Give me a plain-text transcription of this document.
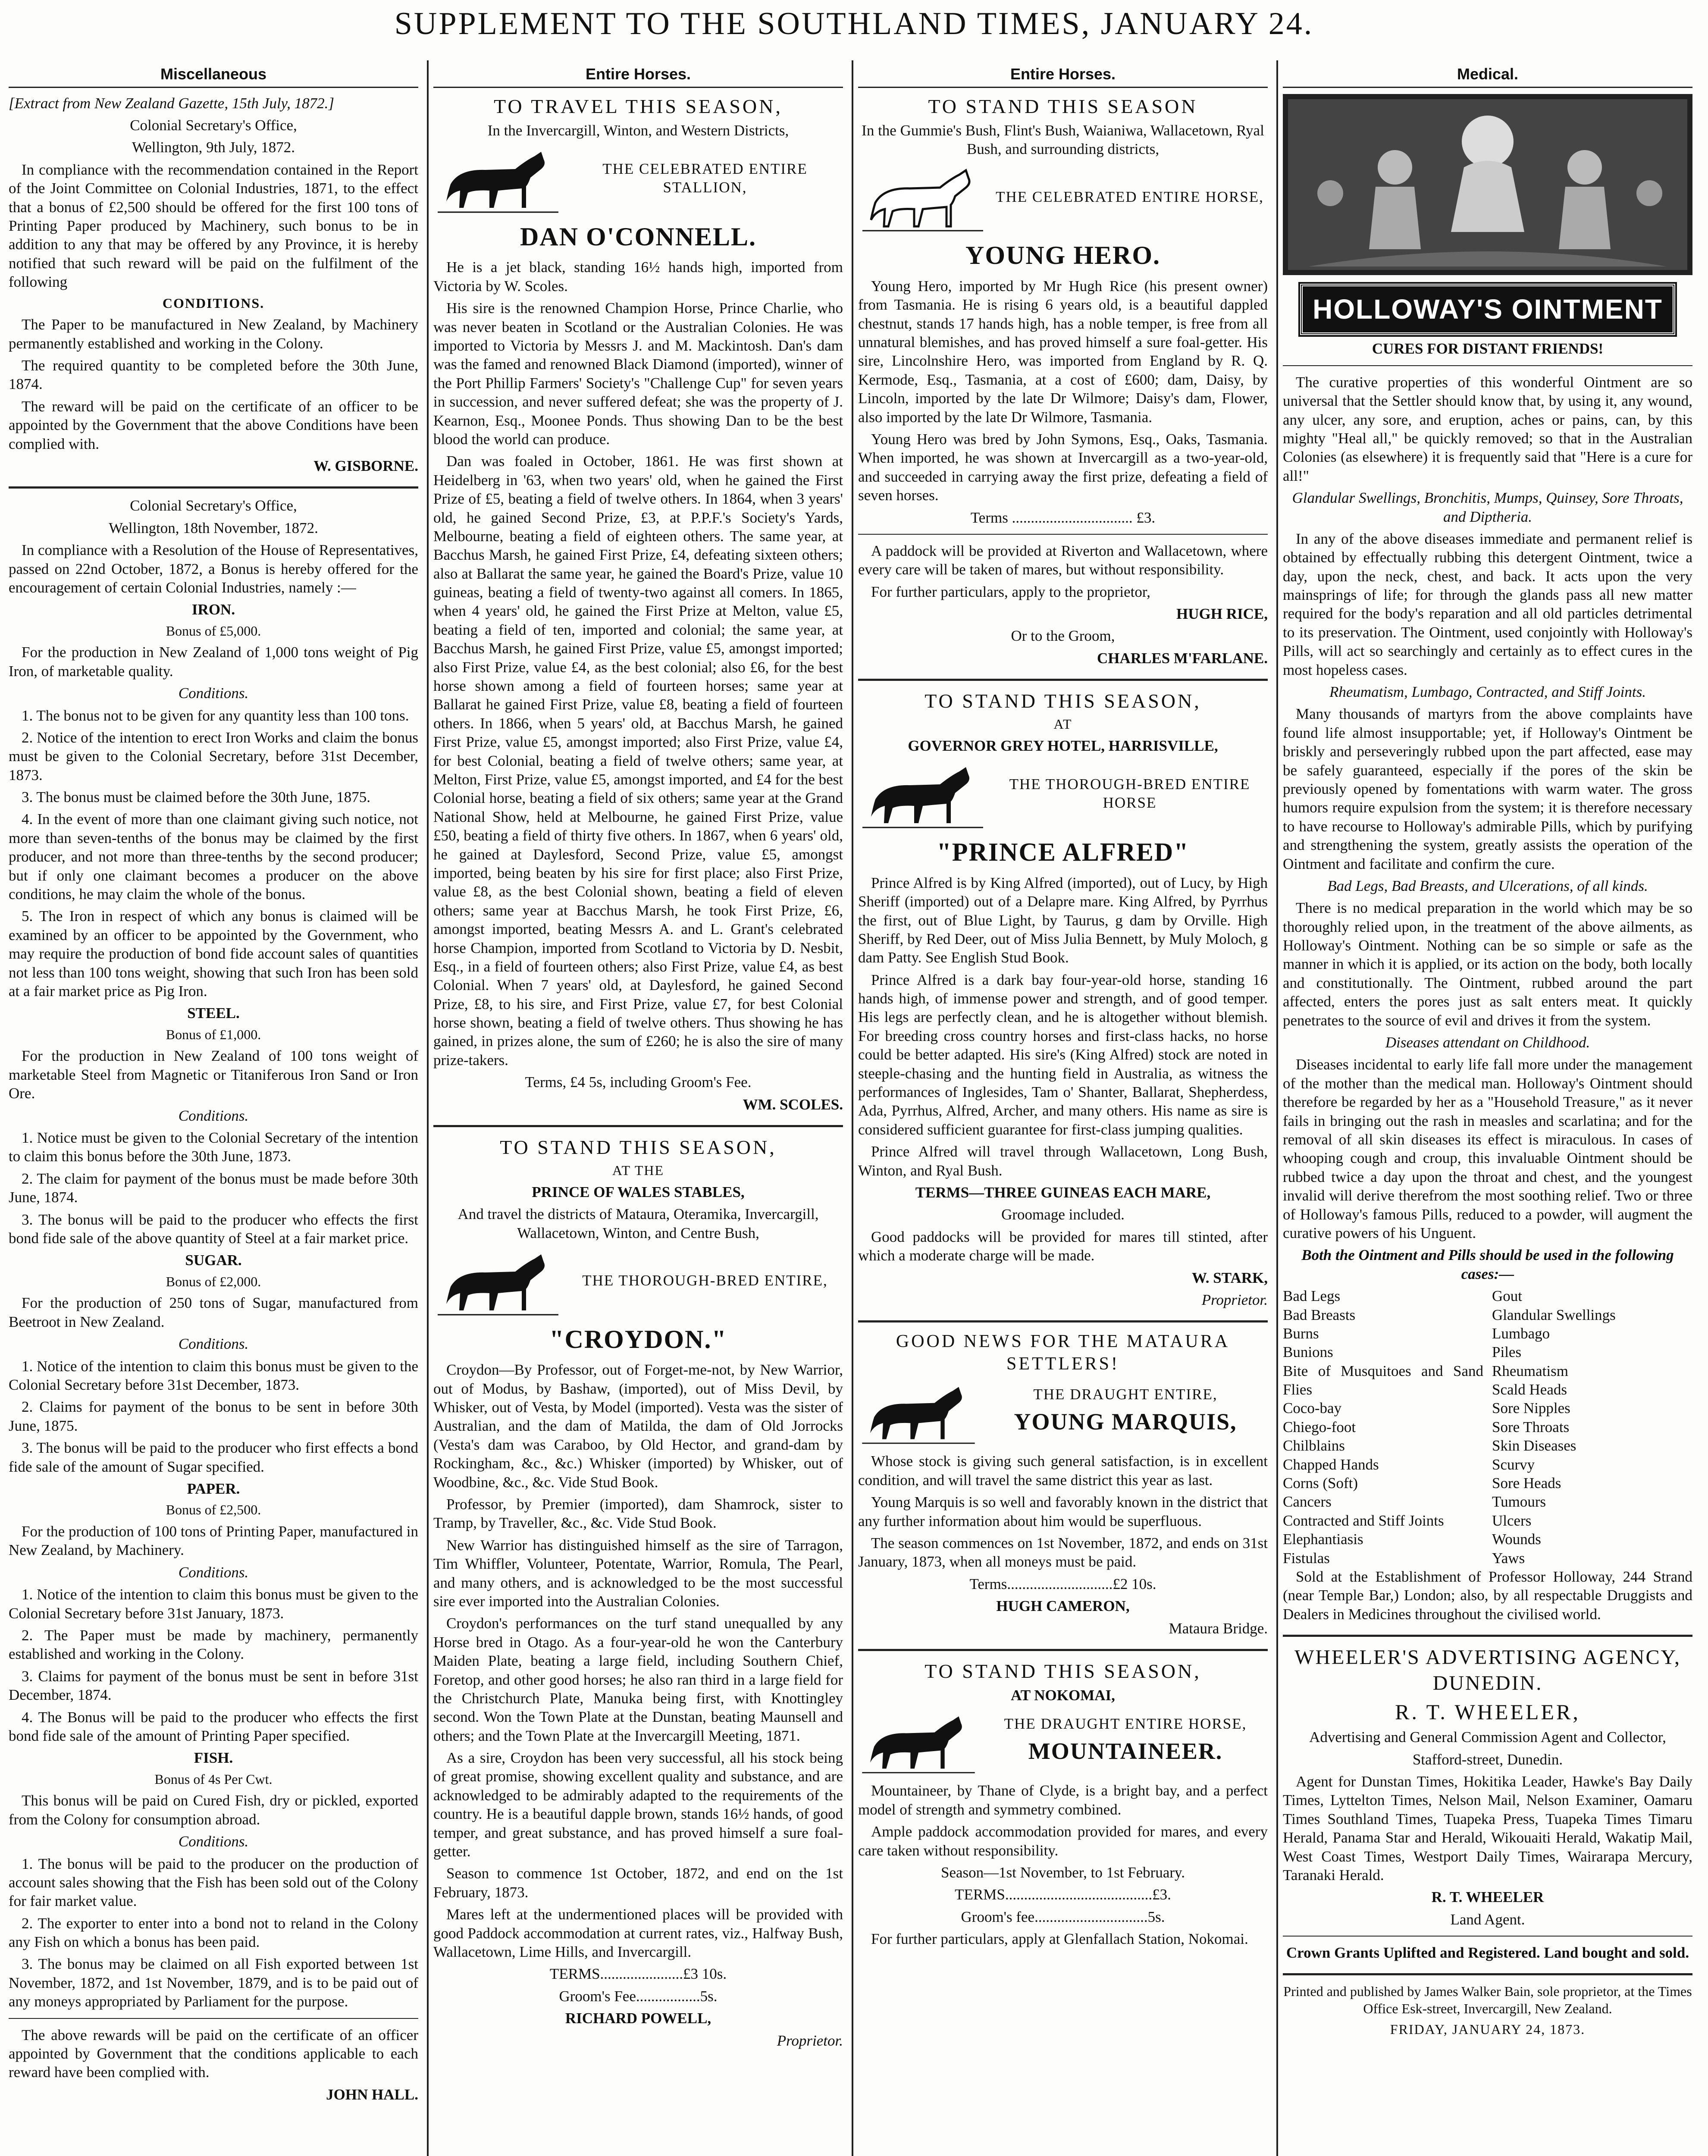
SUPPLEMENT TO THE SOUTHLAND TIMES, JANUARY 24.
Miscellaneous

[Extract from New Zealand Gazette, 15th July, 1872.]

Colonial Secretary's Office,

Wellington, 9th July, 1872.

In compliance with the recommendation contained in the Report of the Joint Committee on Colonial Industries, 1871, to the effect that a bonus of £2,500 should be offered for the first 100 tons of Printing Paper produced by Machinery, such bonus to be in addition to any that may be offered by any Province, it is hereby notified that such reward will be paid on the fulfilment of the following

CONDITIONS.

The Paper to be manufactured in New Zealand, by Machinery permanently established and working in the Colony.

The required quantity to be completed before the 30th June, 1874.

The reward will be paid on the certificate of an officer to be appointed by the Government that the above Conditions have been complied with.

W. GISBORNE.

Colonial Secretary's Office,

Wellington, 18th November, 1872.

In compliance with a Resolution of the House of Representatives, passed on 22nd October, 1872, a Bonus is hereby offered for the encouragement of certain Colonial Industries, namely :—

IRON.

Bonus of £5,000.

For the production in New Zealand of 1,000 tons weight of Pig Iron, of marketable quality.

Conditions.

1. The bonus not to be given for any quantity less than 100 tons.

2. Notice of the intention to erect Iron Works and claim the bonus must be given to the Colonial Secretary, before 31st December, 1873.

3. The bonus must be claimed before the 30th June, 1875.

4. In the event of more than one claimant giving such notice, not more than seven-tenths of the bonus may be claimed by the first producer, and not more than three-tenths by the second producer; but if only one claimant becomes a producer on the above conditions, he may claim the whole of the bonus.

5. The Iron in respect of which any bonus is claimed will be examined by an officer to be appointed by the Government, who may require the production of bond fide account sales of quantities not less than 100 tons weight, showing that such Iron has been sold at a fair market price as Pig Iron.

STEEL.

Bonus of £1,000.

For the production in New Zealand of 100 tons weight of marketable Steel from Magnetic or Titaniferous Iron Sand or Iron Ore.

Conditions.

1. Notice must be given to the Colonial Secretary of the intention to claim this bonus before the 30th June, 1873.

2. The claim for payment of the bonus must be made before 30th June, 1874.

3. The bonus will be paid to the producer who effects the first bond fide sale of the above quantity of Steel at a fair market price.

SUGAR.

Bonus of £2,000.

For the production of 250 tons of Sugar, manufactured from Beetroot in New Zealand.

Conditions.

1. Notice of the intention to claim this bonus must be given to the Colonial Secretary before 31st December, 1873.

2. Claims for payment of the bonus to be sent in before 30th June, 1875.

3. The bonus will be paid to the producer who first effects a bond fide sale of the amount of Sugar specified.

PAPER.

Bonus of £2,500.

For the production of 100 tons of Printing Paper, manufactured in New Zealand, by Machinery.

Conditions.

1. Notice of the intention to claim this bonus must be given to the Colonial Secretary before 31st January, 1873.

2. The Paper must be made by machinery, permanently established and working in the Colony.

3. Claims for payment of the bonus must be sent in before 31st December, 1874.

4. The Bonus will be paid to the producer who effects the first bond fide sale of the amount of Printing Paper specified.

FISH.

Bonus of 4s Per Cwt.

This bonus will be paid on Cured Fish, dry or pickled, exported from the Colony for consumption abroad.

Conditions.

1. The bonus will be paid to the producer on the production of account sales showing that the Fish has been sold out of the Colony for fair market value.

2. The exporter to enter into a bond not to reland in the Colony any Fish on which a bonus has been paid.

3. The bonus may be claimed on all Fish exported between 1st November, 1872, and 1st November, 1879, and is to be paid out of any moneys appropriated by Parliament for the purpose.

The above rewards will be paid on the certificate of an officer appointed by Government that the conditions applicable to each reward have been complied with.

JOHN HALL.

Entire Horses.
TO TRAVEL THIS SEASON,

In the Invercargill, Winton, and Western Districts,

THE CELEBRATED ENTIRE STALLION,

DAN O'CONNELL.

He is a jet black, standing 16½ hands high, imported from Victoria by W. Scoles.

His sire is the renowned Champion Horse, Prince Charlie, who was never beaten in Scotland or the Australian Colonies. He was imported to Victoria by Messrs J. and M. Mackintosh. Dan's dam was the famed and renowned Black Diamond (imported), winner of the Port Phillip Farmers' Society's "Challenge Cup" for seven years in succession, and never suffered defeat; she was the property of J. Kearnon, Esq., Moonee Ponds. Thus showing Dan to be the best blood the world can produce.

Dan was foaled in October, 1861. He was first shown at Heidelberg in '63, when two years' old, when he gained the First Prize of £5, beating a field of twelve others. In 1864, when 3 years' old, he gained Second Prize, £3, at P.P.F.'s Society's Yards, Melbourne, beating a field of eighteen others. The same year, at Bacchus Marsh, he gained First Prize, £4, defeating sixteen others; also at Ballarat the same year, he gained the Board's Prize, value 10 guineas, beating a field of twenty-two against all comers. In 1865, when 4 years' old, he gained the First Prize at Melton, value £5, beating a field of ten, imported and colonial; the same year, at Bacchus Marsh, he gained First Prize, value £5, amongst imported; also First Prize, value £4, as the best colonial; also £6, for the best horse shown among a field of fourteen horses; same year at Ballarat he gained First Prize, value £8, beating a field of fourteen others. In 1866, when 5 years' old, at Bacchus Marsh, he gained First Prize, value £5, amongst imported; also First Prize, value £4, for best Colonial, beating a field of twelve others; same year, at Melton, First Prize, value £5, amongst imported, and £4 for the best Colonial horse, beating a field of six others; same year at the Grand National Show, held at Melbourne, he gained First Prize, value £50, beating a field of thirty five others. In 1867, when 6 years' old, he gained at Daylesford, Second Prize, value £5, amongst imported, being beaten by his sire for first place; also First Prize, value £8, as the best Colonial shown, beating a field of eleven others; same year at Bacchus Marsh, he took First Prize, £6, amongst imported, beating Messrs A. and L. Grant's celebrated horse Champion, imported from Scotland to Victoria by D. Nesbit, Esq., in a field of fourteen others; also First Prize, value £4, as best Colonial. When 7 years' old, at Daylesford, he gained Second Prize, £8, to his sire, and First Prize, value £7, for best Colonial horse shown, beating a field of twelve others. Thus showing he has gained, in prizes alone, the sum of £260; he is also the sire of many prize-takers.

Terms, £4 5s, including Groom's Fee.

WM. SCOLES.

TO STAND THIS SEASON,

AT THE

PRINCE OF WALES STABLES,

And travel the districts of Mataura, Oteramika, Invercargill, Wallacetown, Winton, and Centre Bush,

THE THOROUGH-BRED ENTIRE,

"CROYDON."

Croydon—By Professor, out of Forget-me-not, by New Warrior, out of Modus, by Bashaw, (imported), out of Miss Devil, by Whisker, out of Vesta, by Model (imported). Vesta was the sister of Australian, and the dam of Matilda, the dam of Old Jorrocks (Vesta's dam was Caraboo, by Old Hector, and grand-dam by Rockingham, &c., &c.) Whisker (imported) by Whisker, out of Woodbine, &c., &c. Vide Stud Book.

Professor, by Premier (imported), dam Shamrock, sister to Tramp, by Traveller, &c., &c. Vide Stud Book.

New Warrior has distinguished himself as the sire of Tarragon, Tim Whiffler, Volunteer, Potentate, Warrior, Romula, The Pearl, and many others, and is acknowledged to be the most successful sire ever imported into the Australian Colonies.

Croydon's performances on the turf stand unequalled by any Horse bred in Otago. As a four-year-old he won the Canterbury Maiden Plate, beating a large field, including Southern Chief, Foretop, and other good horses; he also ran third in a large field for the Christchurch Plate, Manuka being first, with Knottingley second. Won the Town Plate at the Dunstan, beating Maunsell and others; and the Town Plate at the Invercargill Meeting, 1871.

As a sire, Croydon has been very successful, all his stock being of great promise, showing excellent quality and substance, and are acknowledged to be admirably adapted to the requirements of the country. He is a beautiful dapple brown, stands 16½ hands, of good temper, and great substance, and has proved himself a sure foal-getter.

Season to commence 1st October, 1872, and end on the 1st February, 1873.

Mares left at the undermentioned places will be provided with good Paddock accommodation at current rates, viz., Halfway Bush, Wallacetown, Lime Hills, and Invercargill.

TERMS......................£3 10s.

Groom's Fee.................5s.

RICHARD POWELL,

Proprietor.

Entire Horses.
TO STAND THIS SEASON

In the Gummie's Bush, Flint's Bush, Waianiwa, Wallacetown, Ryal Bush, and surrounding districts,

THE CELEBRATED ENTIRE HORSE,

YOUNG HERO.

Young Hero, imported by Mr Hugh Rice (his present owner) from Tasmania. He is rising 6 years old, is a beautiful dappled chestnut, stands 17 hands high, has a noble temper, is free from all unnatural blemishes, and has proved himself a sure foal-getter. His sire, Lincolnshire Hero, was imported from England by R. Q. Kermode, Esq., Tasmania, at a cost of £600; dam, Daisy, by Lincoln, imported by the late Dr Wilmore; Daisy's dam, Flower, also imported by the late Dr Wilmore, Tasmania.

Young Hero was bred by John Symons, Esq., Oaks, Tasmania. When imported, he was shown at Invercargill as a two-year-old, and succeeded in carrying away the first prize, defeating a field of seven horses.

Terms ................................ £3.

A paddock will be provided at Riverton and Wallacetown, where every care will be taken of mares, but without responsibility.

For further particulars, apply to the proprietor,

HUGH RICE,

Or to the Groom,

CHARLES M'FARLANE.

TO STAND THIS SEASON,

AT

GOVERNOR GREY HOTEL, HARRISVILLE,

THE THOROUGH-BRED ENTIRE HORSE

"PRINCE ALFRED"

Prince Alfred is by King Alfred (imported), out of Lucy, by High Sheriff (imported) out of a Delapre mare. King Alfred, by Pyrrhus the first, out of Blue Light, by Taurus, g dam by Orville. High Sheriff, by Red Deer, out of Miss Julia Bennett, by Muly Moloch, g dam Patty. See English Stud Book.

Prince Alfred is a dark bay four-year-old horse, standing 16 hands high, of immense power and strength, and of good temper. His legs are perfectly clean, and he is altogether without blemish. For breeding cross country horses and first-class hacks, no horse could be better adapted. His sire's (King Alfred) stock are noted in steeple-chasing and the hunting field in Australia, as witness the performances of Inglesides, Tam o' Shanter, Ballarat, Shepherdess, Ada, Pyrrhus, Alfred, Archer, and many others. His name as sire is considered sufficient guarantee for first-class jumping qualities.

Prince Alfred will travel through Wallacetown, Long Bush, Winton, and Ryal Bush.

TERMS—THREE GUINEAS EACH MARE,

Groomage included.

Good paddocks will be provided for mares till stinted, after which a moderate charge will be made.

W. STARK,

Proprietor.

GOOD NEWS FOR THE MATAURA SETTLERS!

THE DRAUGHT ENTIRE,

YOUNG MARQUIS,

Whose stock is giving such general satisfaction, is in excellent condition, and will travel the same district this year as last.

Young Marquis is so well and favorably known in the district that any further information about him would be superfluous.

The season commences on 1st November, 1872, and ends on 31st January, 1873, when all moneys must be paid.

Terms............................£2 10s.

HUGH CAMERON,

Mataura Bridge.

TO STAND THIS SEASON,

AT NOKOMAI,

THE DRAUGHT ENTIRE HORSE,

MOUNTAINEER.

Mountaineer, by Thane of Clyde, is a bright bay, and a perfect model of strength and symmetry combined.

Ample paddock accommodation provided for mares, and every care taken without responsibility.

Season—1st November, to 1st February.

TERMS.......................................£3.

Groom's fee..............................5s.

For further particulars, apply at Glenfallach Station, Nokomai.

Medical.
HOLLOWAY'S OINTMENT

CURES FOR DISTANT FRIENDS!

The curative properties of this wonderful Ointment are so universal that the Settler should know that, by using it, any wound, any ulcer, any sore, and eruption, aches or pains, can, by this mighty "Heal all," be quickly removed; so that in the Australian Colonies (as elsewhere) it is frequently said that "Here is a cure for all!"

Glandular Swellings, Bronchitis, Mumps, Quinsey, Sore Throats, and Diptheria.

In any of the above diseases immediate and permanent relief is obtained by effectually rubbing this detergent Ointment, twice a day, upon the neck, chest, and back. It acts upon the very mainsprings of life; for through the glands pass all new matter required for the body's reparation and all old particles detrimental to its preservation. The Ointment, used conjointly with Holloway's Pills, will act so searchingly and certainly as to effect cures in the most hopeless cases.

Rheumatism, Lumbago, Contracted, and Stiff Joints.

Many thousands of martyrs from the above complaints have found life almost insupportable; yet, if Holloway's Ointment be briskly and perseveringly rubbed upon the part affected, ease may be safely guaranteed, especially if the pores of the skin be previously opened by fomentations with warm water. The gross humors require expulsion from the system; it is therefore necessary to have recourse to Holloway's admirable Pills, which by purifying and strengthening the system, greatly assists the operation of the Ointment and facilitate and confirm the cure.

Bad Legs, Bad Breasts, and Ulcerations, of all kinds.

There is no medical preparation in the world which may be so thoroughly relied upon, in the treatment of the above ailments, as Holloway's Ointment. Nothing can be so simple or safe as the manner in which it is applied, or its action on the body, both locally and constitutionally. The Ointment, rubbed around the part affected, enters the pores just as salt enters meat. It quickly penetrates to the source of evil and drives it from the system.

Diseases attendant on Childhood.

Diseases incidental to early life fall more under the management of the mother than the medical man. Holloway's Ointment should therefore be regarded by her as a "Household Treasure," as it never fails in bringing out the rash in measles and scarlatina; and for the removal of all skin diseases its effect is miraculous. In cases of whooping cough and croup, this invaluable Ointment should be rubbed twice a day upon the throat and chest, and the youngest invalid will derive therefrom the most soothing relief. Two or three of Holloway's famous Pills, reduced to a powder, will augment the curative powers of his Unguent.

Both the Ointment and Pills should be used in the following cases:—

Bad Legs
Bad Breasts
Burns
Bunions
Bite of Musquitoes and Sand Flies
Coco-bay
Chiego-foot
Chilblains
Chapped Hands
Corns (Soft)
Cancers
Contracted and Stiff Joints
Elephantiasis
Fistulas
Gout
Glandular Swellings
Lumbago
Piles
Rheumatism
Scald Heads
Sore Nipples
Sore Throats
Skin Diseases
Scurvy
Sore Heads
Tumours
Ulcers
Wounds
Yaws

Sold at the Establishment of Professor Holloway, 244 Strand (near Temple Bar,) London; also, by all respectable Druggists and Dealers in Medicines throughout the civilised world.

WHEELER'S ADVERTISING AGENCY, DUNEDIN.
R. T. WHEELER,

Advertising and General Commission Agent and Collector,

Stafford-street, Dunedin.

Agent for Dunstan Times, Hokitika Leader, Hawke's Bay Daily Times, Lyttelton Times, Nelson Mail, Nelson Examiner, Oamaru Times Southland Times, Tuapeka Press, Tuapeka Times Timaru Herald, Panama Star and Herald, Wikouaiti Herald, Wakatip Mail, West Coast Times, Westport Daily Times, Wairarapa Mercury, Taranaki Herald.

R. T. WHEELER

Land Agent.

Crown Grants Uplifted and Registered. Land bought and sold.

Printed and published by James Walker Bain, sole proprietor, at the Times Office Esk-street, Invercargill, New Zealand.

FRIDAY, JANUARY 24, 1873.
